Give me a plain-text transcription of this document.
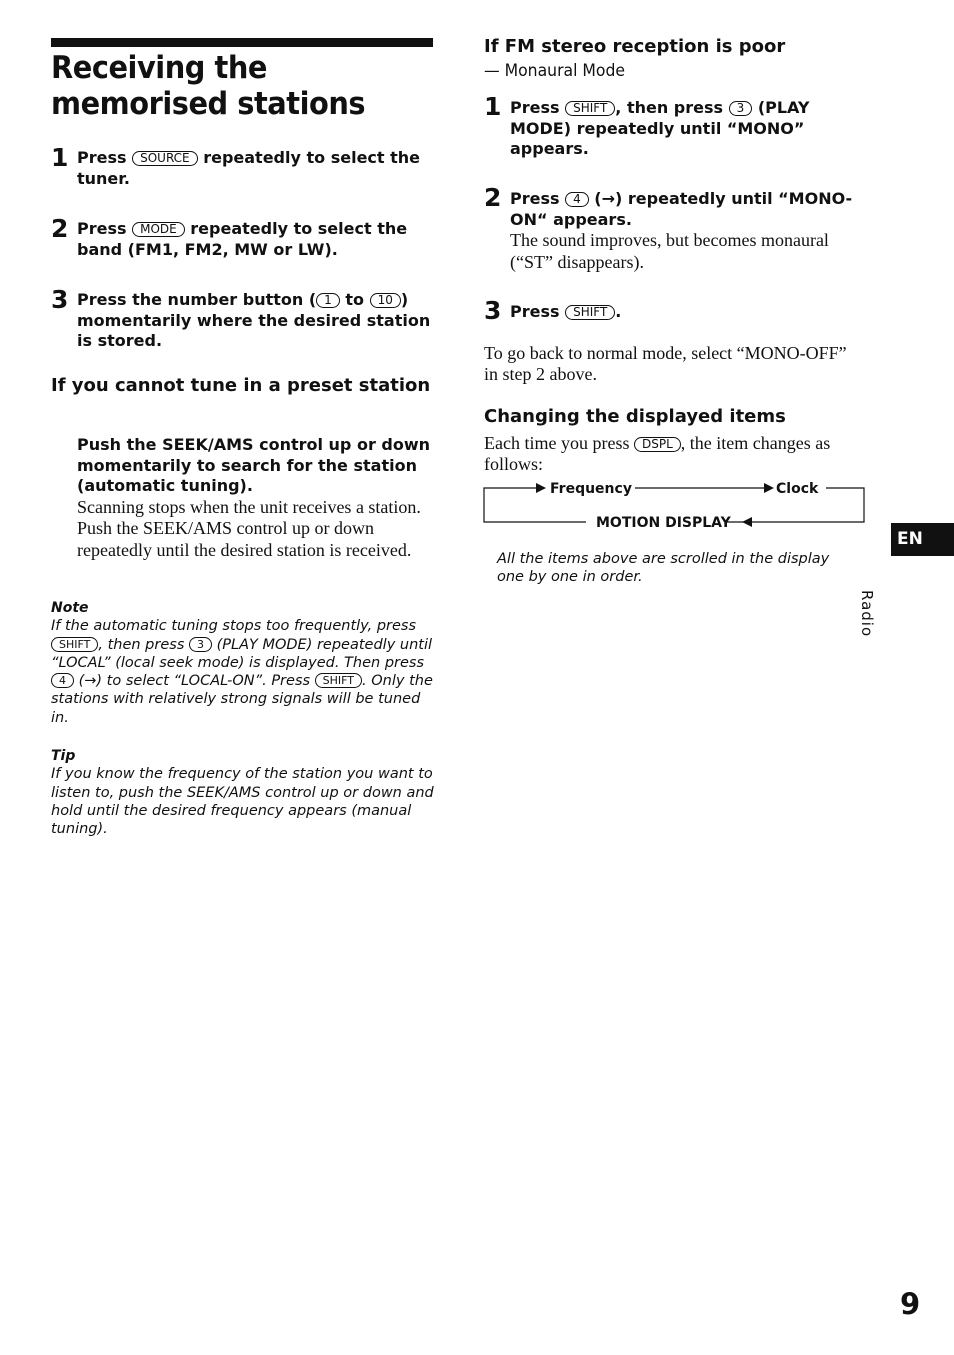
Receiving the memorised stations
1 Press SOURCE repeatedly to select the tuner.
2 Press MODE repeatedly to select the band (FM1, FM2, MW or LW).
3 Press the number button ( 1 to 10 ) momentarily where the desired station is stored.
If you cannot tune in a preset station
Push the SEEK/AMS control up or down momentarily to search for the station (automatic tuning).
Scanning stops when the unit receives a station. Push the SEEK/AMS control up or down repeatedly until the desired station is received.
Note
If the automatic tuning stops too frequently, press SHIFT , then press 3 (PLAY MODE) repeatedly until “LOCAL” (local seek mode) is displayed. Then press 4 (→) to select “LOCAL-ON”. Press SHIFT . Only the stations with relatively strong signals will be tuned in.
Tip
If you know the frequency of the station you want to listen to, push the SEEK/AMS control up or down and hold until the desired frequency appears (manual tuning).
If FM stereo reception is poor
— Monaural Mode
1 Press SHIFT , then press 3 (PLAY MODE) repeatedly until “MONO” appears.
2 Press 4 (→) repeatedly until “MONO-ON“ appears.
The sound improves, but becomes monaural (“ST” disappears).
3 Press SHIFT .
To go back to normal mode, select “MONO-OFF” in step 2 above.
Changing the displayed items
Each time you press DSPL , the item changes as follows:
Frequency	Clock
MOTION DISPLAY
All the items above are scrolled in the display one by one in order.
EN
Radio
9
